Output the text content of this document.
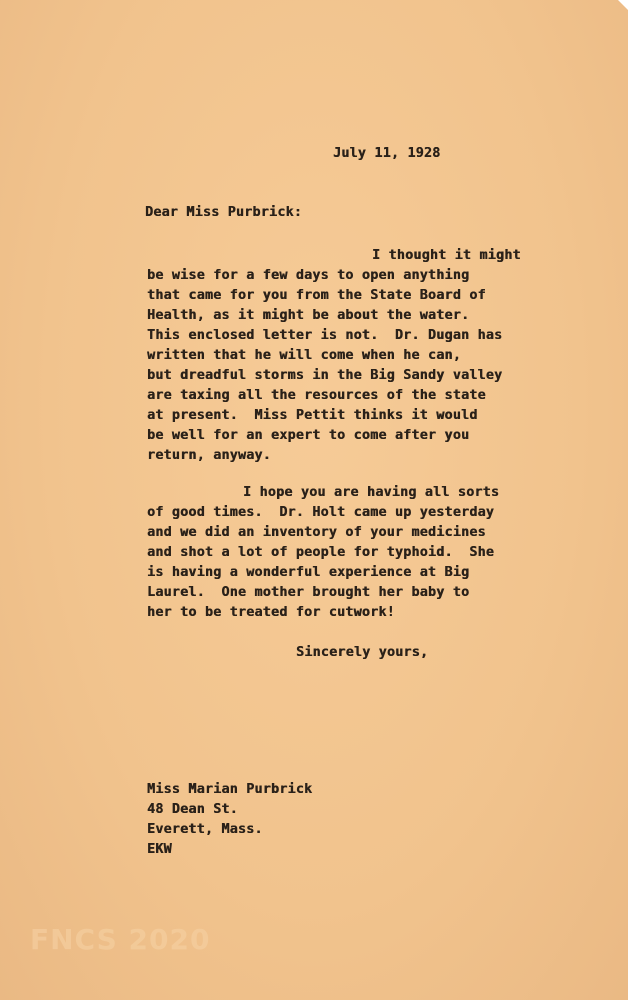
July 11, 1928
Dear Miss Purbrick:
I thought it might
be wise for a few days to open anything
that came for you from the State Board of
Health, as it might be about the water.
This enclosed letter is not.  Dr. Dugan has
written that he will come when he can,
but dreadful storms in the Big Sandy valley
are taxing all the resources of the state
at present.  Miss Pettit thinks it would
be well for an expert to come after you
return, anyway.
I hope you are having all sorts
of good times.  Dr. Holt came up yesterday
and we did an inventory of your medicines
and shot a lot of people for typhoid.  She
is having a wonderful experience at Big
Laurel.  One mother brought her baby to
her to be treated for cutwork!
Sincerely yours,
Miss Marian Purbrick
48 Dean St.
Everett, Mass.
EKW
FNCS 2020
